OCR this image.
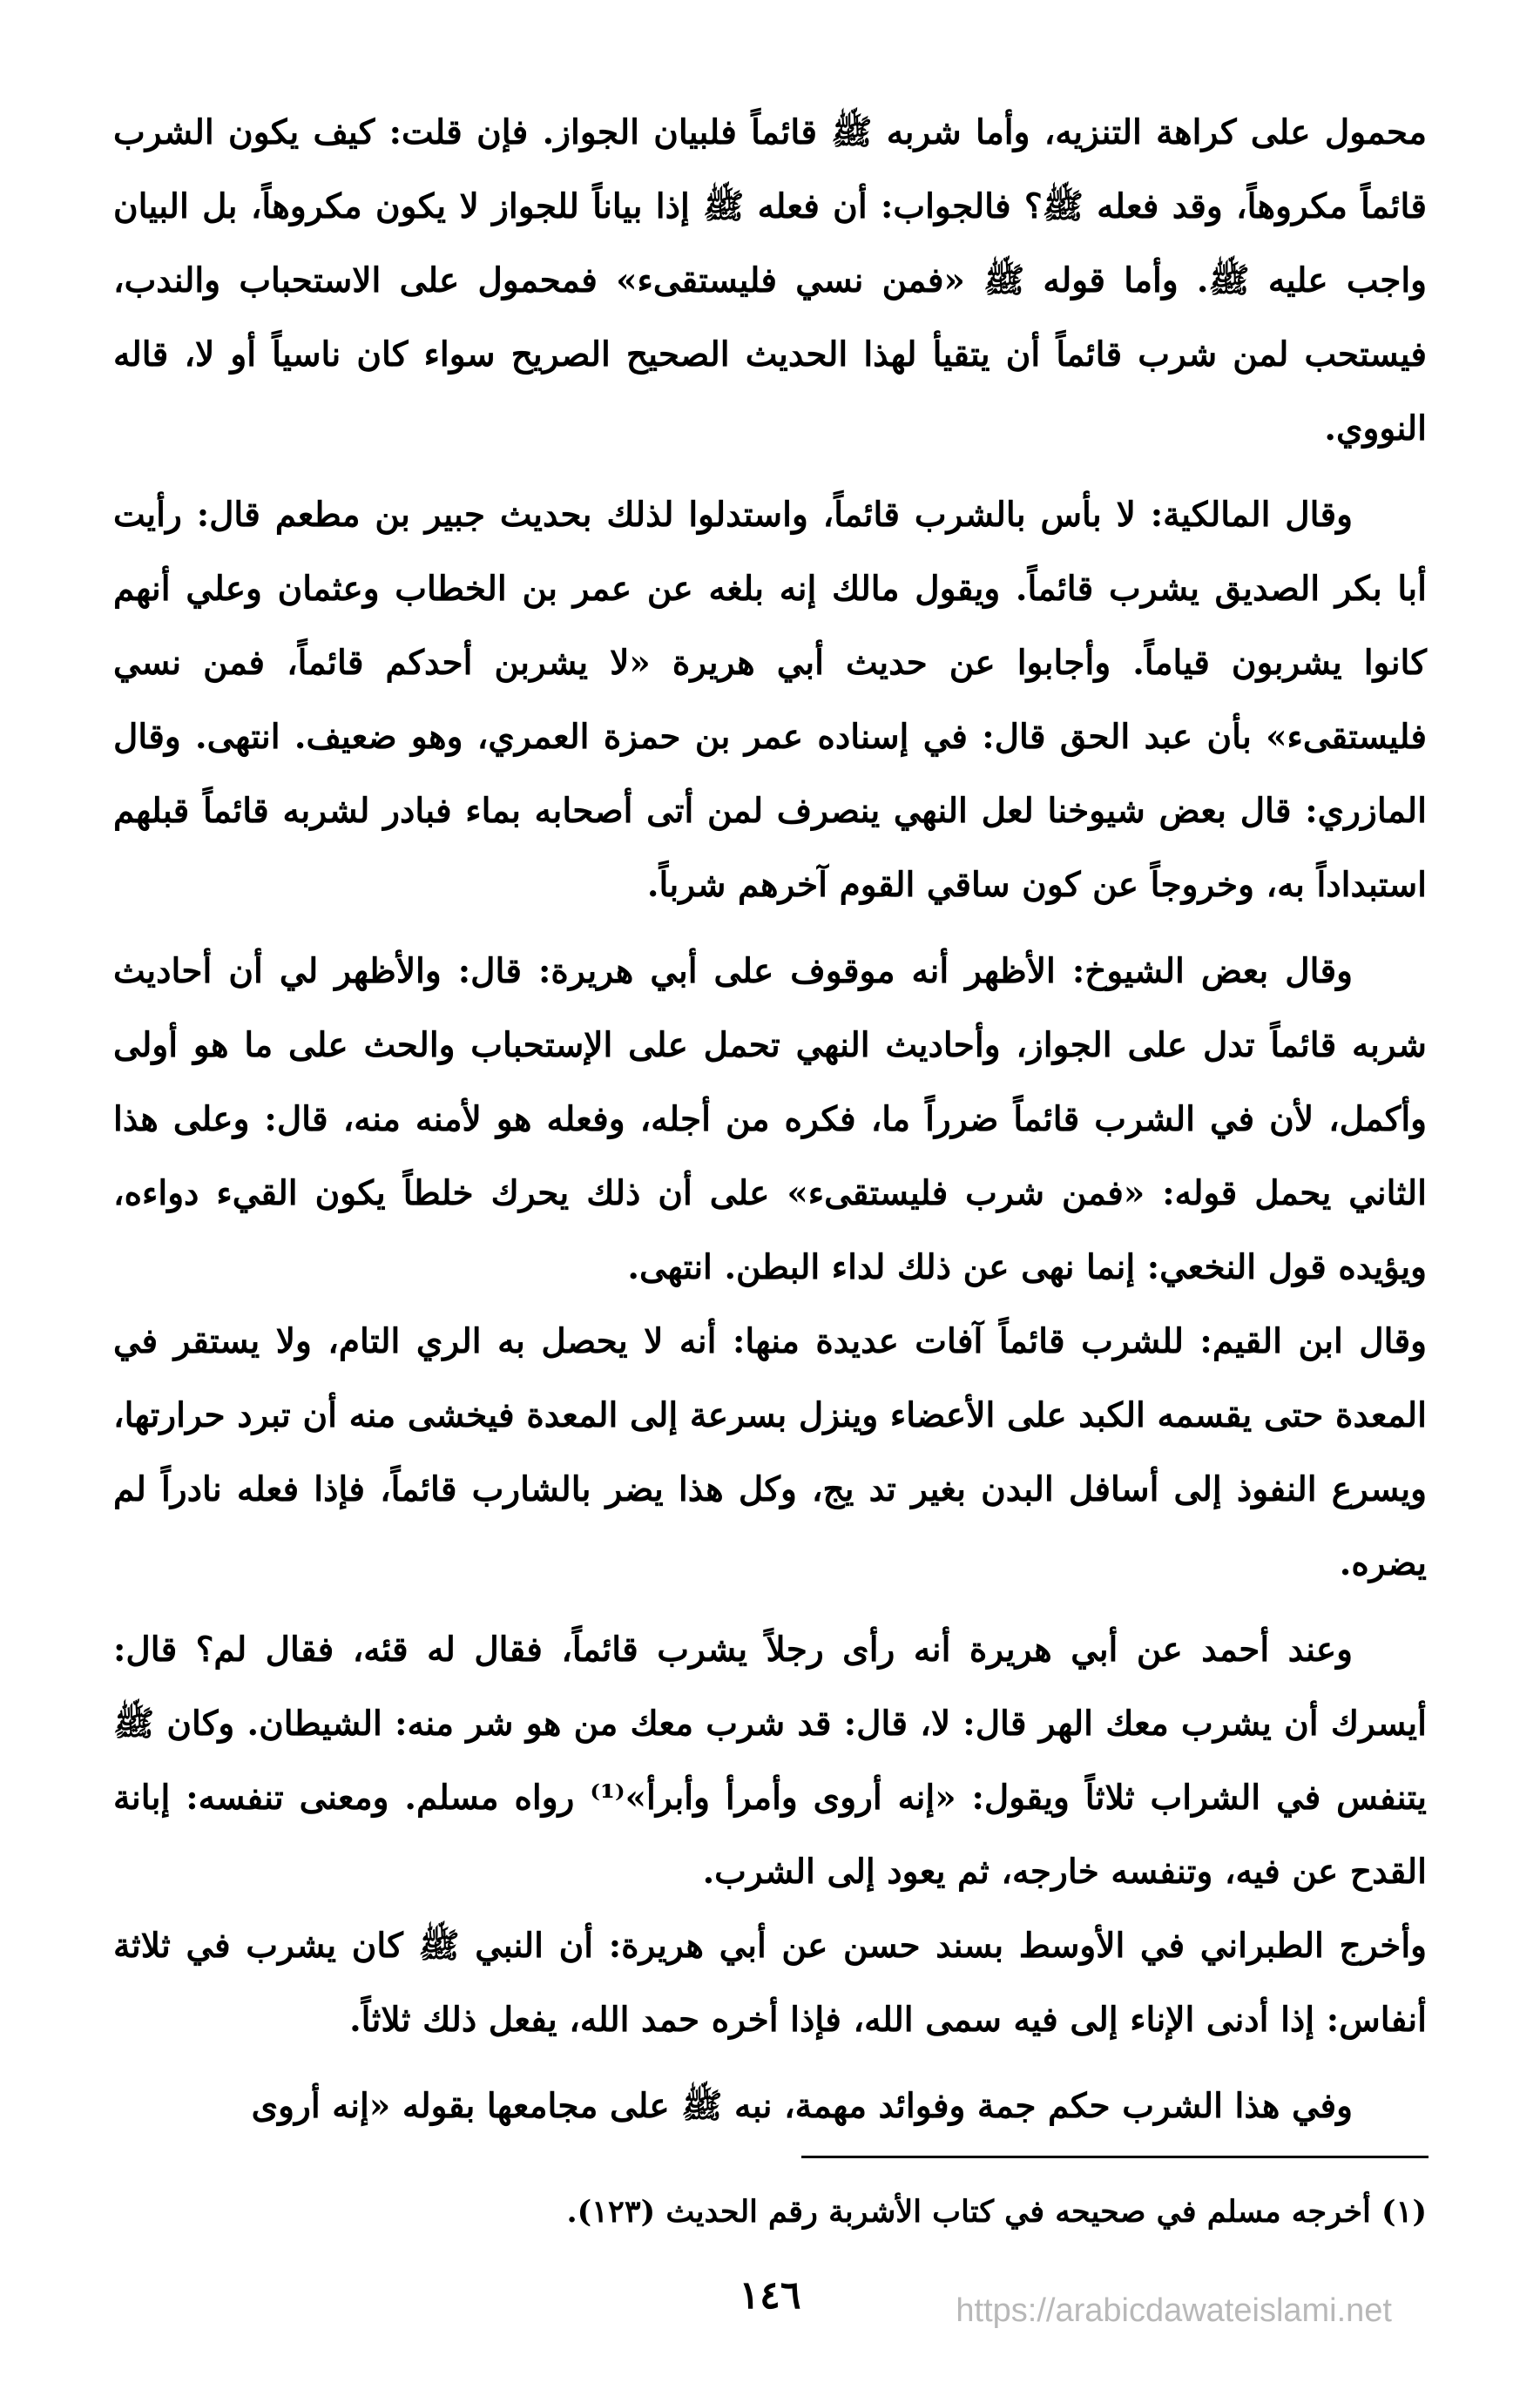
محمول على كراهة التنزيه، وأما شربه ﷺ قائماً فلبيان الجواز. فإن قلت: كيف يكون الشرب قائماً مكروهاً، وقد فعله ﷺ؟ فالجواب: أن فعله ﷺ إذا بياناً للجواز لا يكون مكروهاً، بل البيان واجب عليه ﷺ. وأما قوله ﷺ «فمن نسي فليستقىء» فمحمول على الاستحباب والندب، فيستحب لمن شرب قائماً أن يتقيأ لهذا الحديث الصحيح الصريح سواء كان ناسياً أو لا، قاله النووي.

وقال المالكية: لا بأس بالشرب قائماً، واستدلوا لذلك بحديث جبير بن مطعم قال: رأيت أبا بكر الصديق يشرب قائماً. ويقول مالك إنه بلغه عن عمر بن الخطاب وعثمان وعلي أنهم كانوا يشربون قياماً. وأجابوا عن حديث أبي هريرة «لا يشربن أحدكم قائماً، فمن نسي فليستقىء» بأن عبد الحق قال: في إسناده عمر بن حمزة العمري، وهو ضعيف. انتهى. وقال المازري: قال بعض شيوخنا لعل النهي ينصرف لمن أتى أصحابه بماء فبادر لشربه قائماً قبلهم استبداداً به، وخروجاً عن كون ساقي القوم آخرهم شرباً.

وقال بعض الشيوخ: الأظهر أنه موقوف على أبي هريرة: قال: والأظهر لي أن أحاديث شربه قائماً تدل على الجواز، وأحاديث النهي تحمل على الإستحباب والحث على ما هو أولى وأكمل، لأن في الشرب قائماً ضرراً ما، فكره من أجله، وفعله هو لأمنه منه، قال: وعلى هذا الثاني يحمل قوله: «فمن شرب فليستقىء» على أن ذلك يحرك خلطاً يكون القيء دواءه، ويؤيده قول النخعي: إنما نهى عن ذلك لداء البطن. انتهى.

وقال ابن القيم: للشرب قائماً آفات عديدة منها: أنه لا يحصل به الري التام، ولا يستقر في المعدة حتى يقسمه الكبد على الأعضاء وينزل بسرعة إلى المعدة فيخشى منه أن تبرد حرارتها، ويسرع النفوذ إلى أسافل البدن بغير تد يج، وكل هذا يضر بالشارب قائماً، فإذا فعله نادراً لم يضره.

وعند أحمد عن أبي هريرة أنه رأى رجلاً يشرب قائماً، فقال له قئه، فقال لم؟ قال: أيسرك أن يشرب معك الهر قال: لا، قال: قد شرب معك من هو شر منه: الشيطان. وكان ﷺ يتنفس في الشراب ثلاثاً ويقول: «إنه أروى وأمرأ وأبرأ»⁽¹⁾ رواه مسلم. ومعنى تنفسه: إبانة القدح عن فيه، وتنفسه خارجه، ثم يعود إلى الشرب.

وأخرج الطبراني في الأوسط بسند حسن عن أبي هريرة: أن النبي ﷺ كان يشرب في ثلاثة أنفاس: إذا أدنى الإناء إلى فيه سمى الله، فإذا أخره حمد الله، يفعل ذلك ثلاثاً.

وفي هذا الشرب حكم جمة وفوائد مهمة، نبه ﷺ على مجامعها بقوله «إنه أروى

(١) أخرجه مسلم في صحيحه في كتاب الأشربة رقم الحديث (١٢٣).
١٤٦	https://arabicdawateislami.net
